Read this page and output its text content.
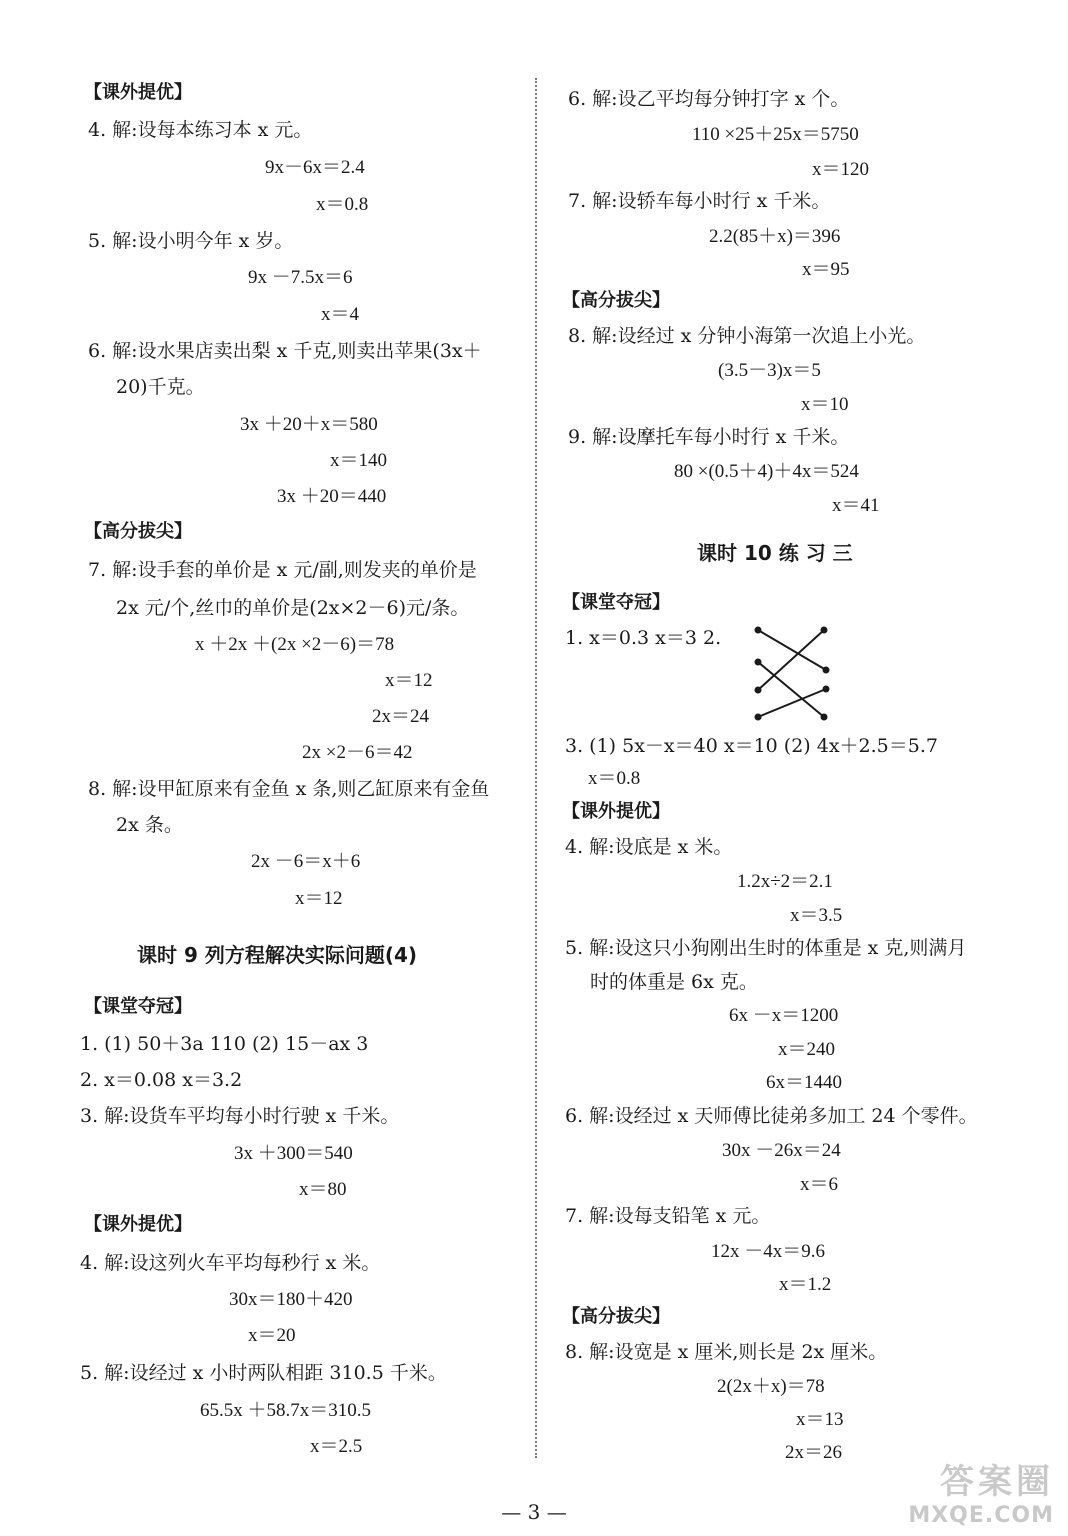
【课外提优】
4. 解:设每本练习本 x 元。
9x－6x＝2.4
x＝0.8
5. 解:设小明今年 x 岁。
9x －7.5x＝6
x＝4
6. 解:设水果店卖出梨 x 千克,则卖出苹果(3x＋
20)千克。
3x ＋20＋x＝580
x＝140
3x ＋20＝440
【高分拔尖】
7. 解:设手套的单价是 x 元/副,则发夹的单价是
2x 元/个,丝巾的单价是(2x×2－6)元/条。
x ＋2x ＋(2x ×2－6)＝78
x＝12
2x＝24
2x ×2－6＝42
8. 解:设甲缸原来有金鱼 x 条,则乙缸原来有金鱼
2x 条。
2x －6＝x＋6
x＝12
课时 9 列方程解决实际问题(4)
【课堂夺冠】
1. (1) 50＋3a 110 (2) 15－ax 3
2. x＝0.08 x＝3.2
3. 解:设货车平均每小时行驶 x 千米。
3x ＋300＝540
x＝80
【课外提优】
4. 解:设这列火车平均每秒行 x 米。
30x＝180＋420
x＝20
5. 解:设经过 x 小时两队相距 310.5 千米。
65.5x ＋58.7x＝310.5
x＝2.5
6. 解:设乙平均每分钟打字 x 个。
110 ×25＋25x＝5750
x＝120
7. 解:设轿车每小时行 x 千米。
2.2(85＋x)＝396
x＝95
【高分拔尖】
8. 解:设经过 x 分钟小海第一次追上小光。
(3.5－3)x＝5
x＝10
9. 解:设摩托车每小时行 x 千米。
80 ×(0.5＋4)＋4x＝524
x＝41
课时 10 练 习 三
【课堂夺冠】
1. x＝0.3 x＝3 2.
3. (1) 5x－x＝40 x＝10 (2) 4x＋2.5＝5.7
x＝0.8
【课外提优】
4. 解:设底是 x 米。
1.2x÷2＝2.1
x＝3.5
5. 解:设这只小狗刚出生时的体重是 x 克,则满月
时的体重是 6x 克。
6x －x＝1200
x＝240
6x＝1440
6. 解:设经过 x 天师傅比徒弟多加工 24 个零件。
30x －26x＝24
x＝6
7. 解:设每支铅笔 x 元。
12x －4x＝9.6
x＝1.2
【高分拔尖】
8. 解:设宽是 x 厘米,则长是 2x 厘米。
2(2x＋x)＝78
x＝13
2x＝26
— 3 —
答案圈
MXQE.COM
